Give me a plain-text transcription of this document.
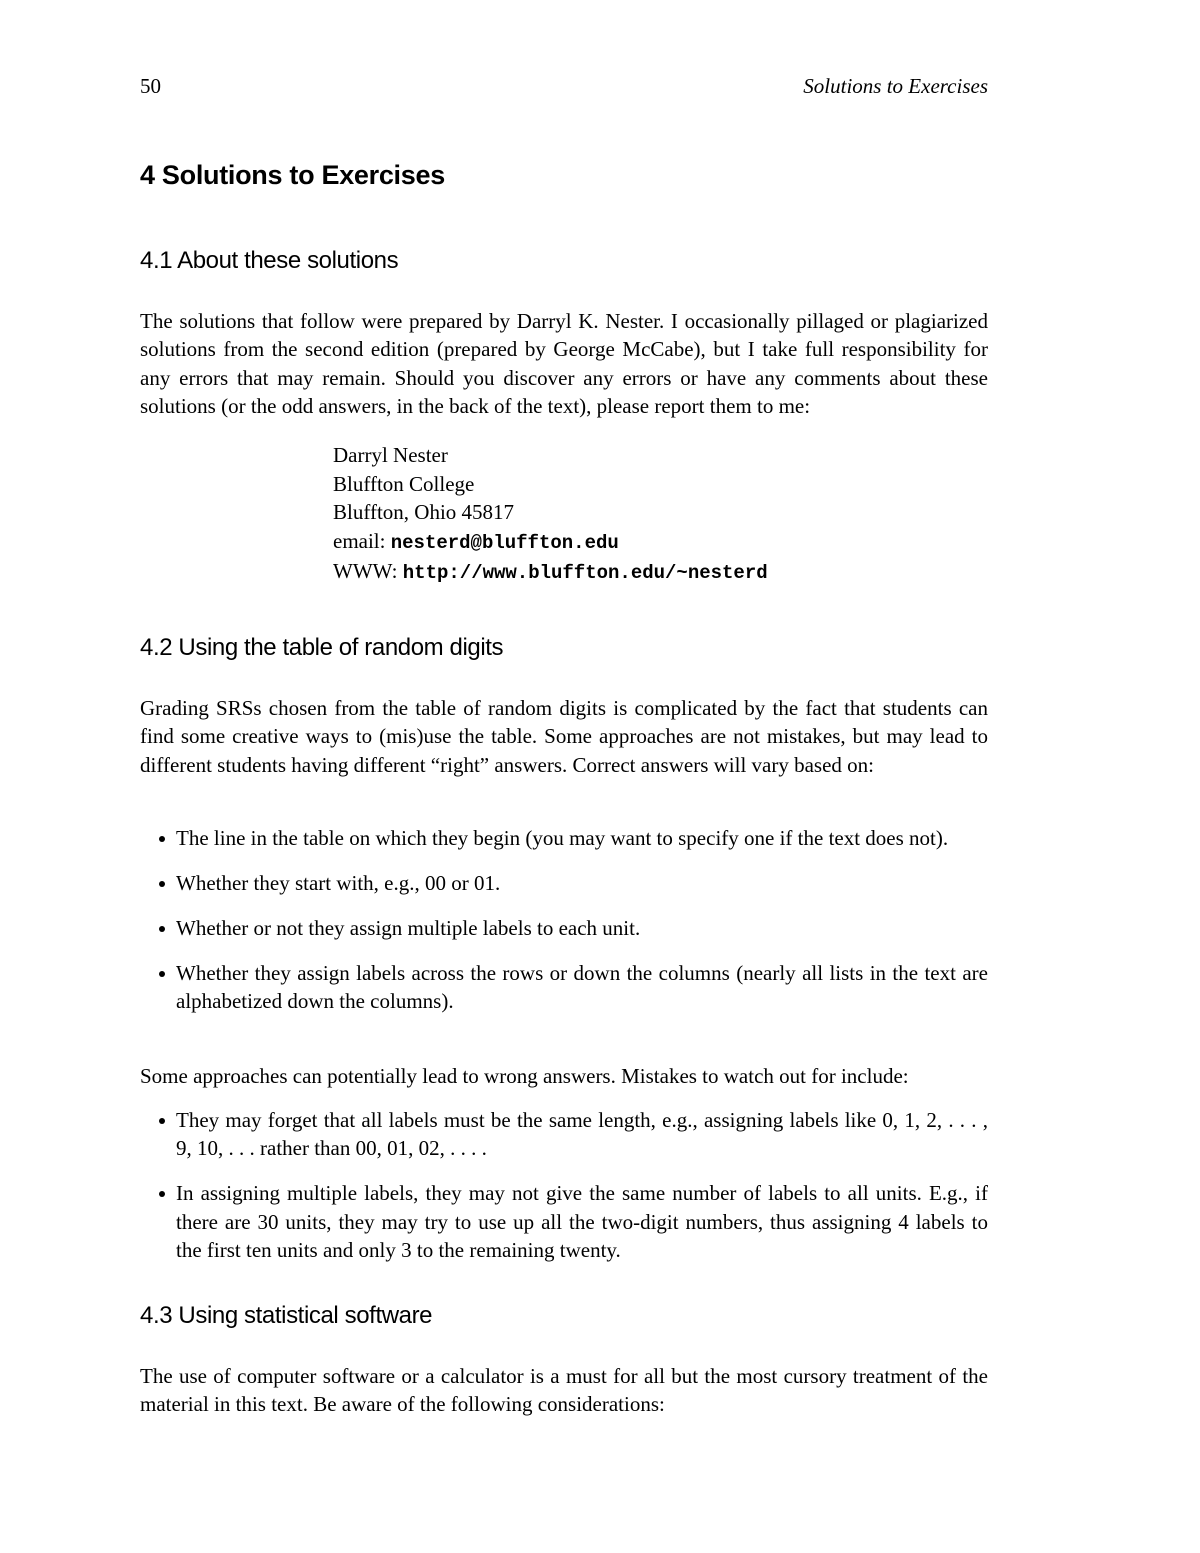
50	Solutions to Exercises
4 Solutions to Exercises
4.1 About these solutions

The solutions that follow were prepared by Darryl K. Nester. I occasionally pillaged or plagiarized solutions from the second edition (prepared by George McCabe), but I take full responsibility for any errors that may remain. Should you discover any errors or have any comments about these solutions (or the odd answers, in the back of the text), please report them to me:

Darryl Nester
Bluffton College
Bluffton, Ohio 45817
email: nesterd@bluffton.edu
WWW: http://www.bluffton.edu/~nesterd
4.2 Using the table of random digits

Grading SRSs chosen from the table of random digits is complicated by the fact that students can find some creative ways to (mis)use the table. Some approaches are not mistakes, but may lead to different students having different “right” answers. Correct answers will vary based on:

The line in the table on which they begin (you may want to specify one if the text does not).
Whether they start with, e.g., 00 or 01.
Whether or not they assign multiple labels to each unit.
Whether they assign labels across the rows or down the columns (nearly all lists in the text are alphabetized down the columns).

Some approaches can potentially lead to wrong answers. Mistakes to watch out for include:

They may forget that all labels must be the same length, e.g., assigning labels like 0, 1, 2, . . . , 9, 10, . . . rather than 00, 01, 02, . . . .
In assigning multiple labels, they may not give the same number of labels to all units. E.g., if there are 30 units, they may try to use up all the two-digit numbers, thus assigning 4 labels to the first ten units and only 3 to the remaining twenty.
4.3 Using statistical software

The use of computer software or a calculator is a must for all but the most cursory treatment of the material in this text. Be aware of the following considerations:
